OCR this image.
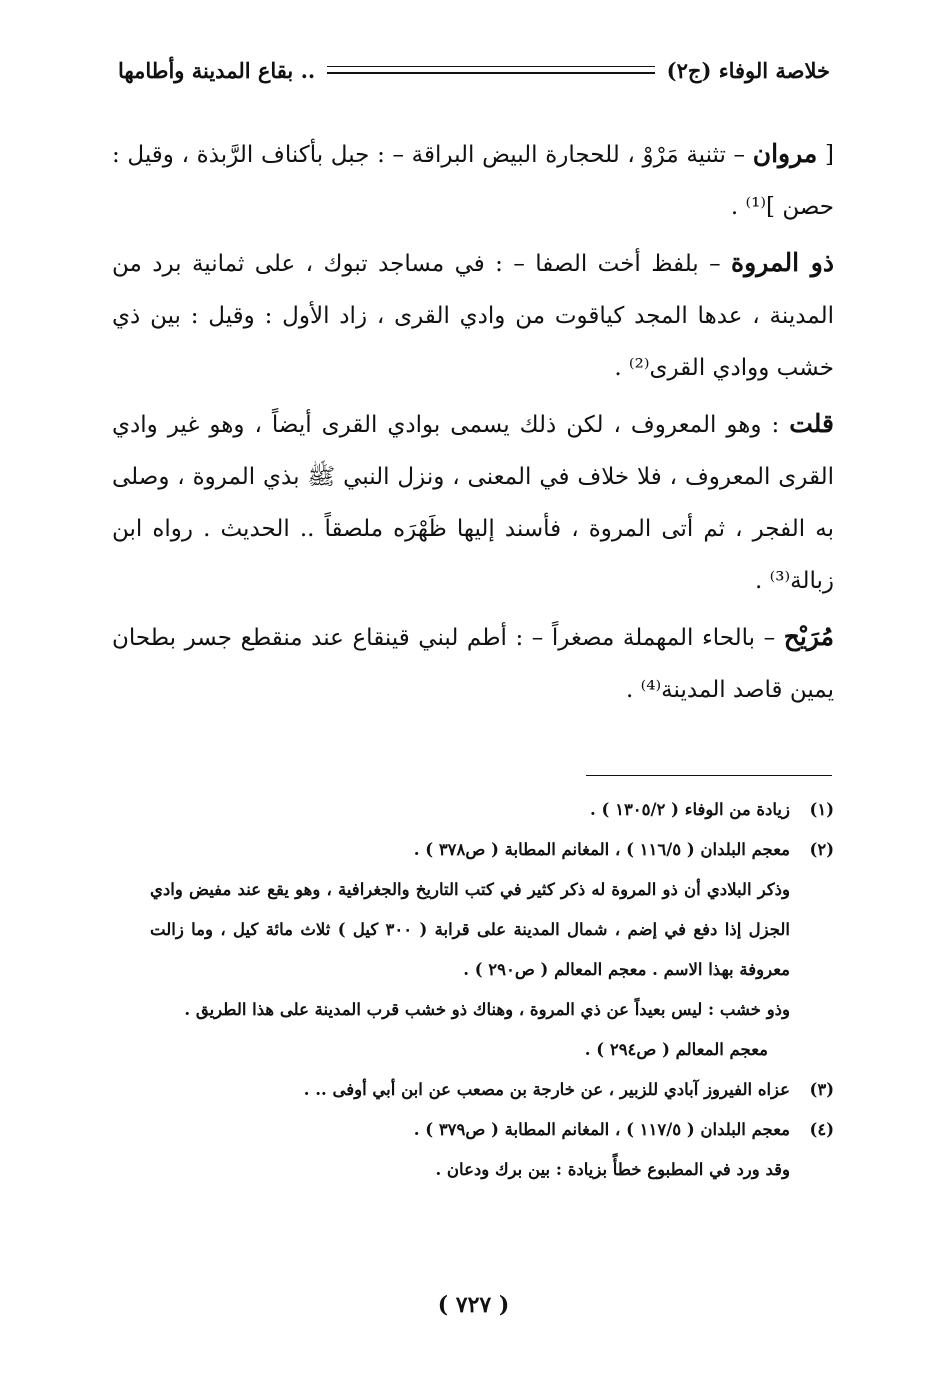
خلاصة الوفاء (ج٢)
بقاع المدينة وأطامها ..

[ مروان – تثنية مَرْوْ ، للحجارة البيض البراقة – : جبل بأكناف الرَّبذة ، وقيل : حصن ]⁽¹⁾ .

ذو المروة – بلفظ أخت الصفا – : في مساجد تبوك ، على ثمانية برد من المدينة ، عدها المجد كياقوت من وادي القرى ، زاد الأول : وقيل : بين ذي خشب ووادي القرى⁽²⁾ .

قلت : وهو المعروف ، لكن ذلك يسمى بوادي القرى أيضاً ، وهو غير وادي القرى المعروف ، فلا خلاف في المعنى ، ونزل النبي ﷺ بذي المروة ، وصلى به الفجر ، ثم أتى المروة ، فأسند إليها ظَهْرَه ملصقاً .. الحديث . رواه ابن زبالة⁽³⁾ .

مُرَيْح – بالحاء المهملة مصغراً – : أطم لبني قينقاع عند منقطع جسر بطحان يمين قاصد المدينة⁽⁴⁾ .

(١)
زيادة من الوفاء ( ١٣٠٥/٢ ) .
(٢)
معجم البلدان ( ١١٦/٥ ) ، المغانم المطابة ( ص٣٧٨ ) .
وذكر البلادي أن ذو المروة له ذكر كثير في كتب التاريخ والجغرافية ، وهو يقع عند مفيض وادي الجزل إذا دفع في إضم ، شمال المدينة على قرابة ( ٣٠٠ كيل ) ثلاث مائة كيل ، وما زالت معروفة بهذا الاسم . معجم المعالم ( ص٢٩٠ ) .
وذو خشب : ليس بعيداً عن ذي المروة ، وهناك ذو خشب قرب المدينة على هذا الطريق .
معجم المعالم ( ص٢٩٤ ) .
(٣)
عزاه الفيروز آبادي للزبير ، عن خارجة بن مصعب عن ابن أبي أوفى .. .
(٤)
معجم البلدان ( ١١٧/٥ ) ، المغانم المطابة ( ص٣٧٩ ) .
وقد ورد في المطبوع خطأً بزيادة : بين برك ودعان .
( ٧٢٧ )
